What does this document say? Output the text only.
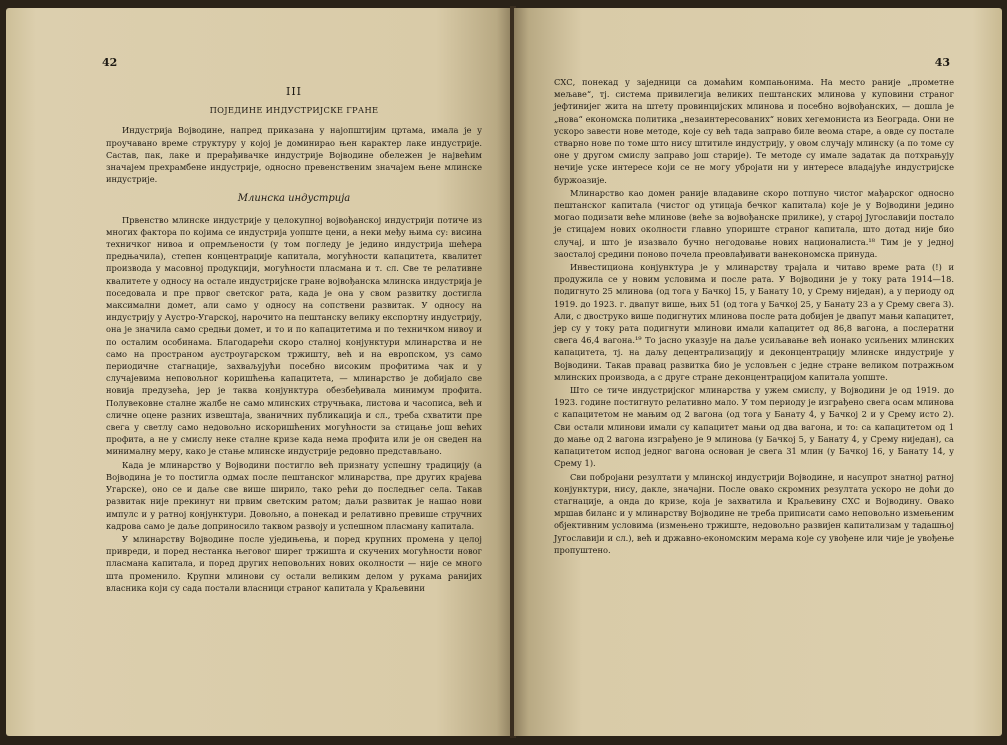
42
III
ПОЈЕДИНЕ ИНДУСТРИЈСКЕ ГРАНЕ

Индустрија Војводине, напред приказана у најопштијим цртама, имала је у проучавано време структуру у којој је доминирао њен карактер лаке индустрије. Састав, пак, лаке и прерађивачке индустрије Војводине обележен је највећим значајем прехрамбене индустрије, односно превенственим значајем њене млинске индустрије.

Млинска индустрија

Првенство млинске индустрије у целокупној војвођанској индустрији потиче из многих фактора по којима се индустрија уопште цени, а неки међу њима су: висина техничког нивоа и опремљености (у том погледу је једино индустрија шећера предњачила), степен концентрације капитала, могућности капацитета, квалитет производа у масовној продукцији, могућности пласмана и т. сл. Све те релативне квалитете у односу на остале индустријске гране војвођанска млинска индустрија је поседовала и пре првог светског рата, када је она у свом развитку достигла максимални домет, али само у односу на сопствени развитак. У односу на индустрију у Аустро-Угарској, нарочито на пештанску велику експортну индустрију, она је значила само средњи домет, и то и по капацитетима и по техничком нивоу и по осталим особинама. Благодарећи скоро сталној конјунктури млинарства и не само на пространом аустроугарском тржишту, већ и на европском, уз само периодичне стагнације, захваљујући посебно високим профитима чак и у случајевима неповољног коришћења капацитета, — млинарство је добијало све новија предузећа, јер је таква конјунктура обезбеђивала минимум профита. Полувековне сталне жалбе не само млинских стручњака, листова и часописа, већ и сличне оцене разних извештаја, званичних публикација и сл., треба схватити пре свега у светлу само недовољно искоришћених могућности за стицање још већих профита, а не у смислу неке сталне кризе када нема профита или је он сведен на минималну меру, како је стање млинске индустрије редовно представљано.

Када је млинарство у Војводини постигло већ признату успешну традицију (а Војводина је то постигла одмах после пештанског млинарства, пре других крајева Угарске), оно се и даље све више ширило, тако рећи до последњег села. Такав развитак није прекинут ни првим светским ратом; даљи развитак је нашао нови импулс и у ратној конјунктури. Довољно, а понекад и релативно превише стручних кадрова само је даље доприносило таквом развоју и успешном пласману капитала.

У млинарству Војводине после уједињења, и поред крупних промена у целој привреди, и поред нестанка његовог ширег тржишта и скучених могућности новог пласмана капитала, и поред других неповољних нових околности — није се много шта променило. Крупни млинови су остали великим делом у рукама ранијих власника који су сада постали власници страног капитала у Краљевини

43

СХС, понекад у заједници са домаћим компањонима. На место ранијe „прометне мељаве“, тј. система привилегија великих пештанских млинова у куповини страног јефтинијег жита на штету провинцијских млинова и посебно војвођанских, — дошла је „нова“ економска политика „незаинтересованих“ нових хегемониста из Београда. Они не ускоро завести нове методе, које су већ тада заправо биле веома старе, а овде су постале стварно нове по томе што нису штитиле индустрију, у овом случају млинску (а по томе су оне у другом смислу заправо још старије). Те методе су имале задатак да потхрањују нечије уске интересе који се не могу убројати ни у интересе владајуће индустријске буржоазије.

Млинарство као домен раније владавине скоро потпуно чистог мађарског односно пештанског капитала (чистог од утицаја бечког капитала) које је у Војводини једино могао подизати веће млинове (веће за војвођанске прилике), у старој Југославији постало је стицајем нових околности главно упориште страног капитала, што дотад није био случај, и што је изазвало бучно негодовање нових националиста.¹⁸ Тим је у једној заосталој средини поново почела преовлађивати ванекономска принуда.

Инвестициона конјунктура је у млинарству трајала и читаво време рата (!) и продужила се у новим условима и после рата. У Војводини је у току рата 1914—18. подигнуто 25 млинова (од тога у Бачкој 15, у Банату 10, у Срему ниједан), а у периоду од 1919. до 1923. г. двапут више, њих 51 (од тога у Бачкој 25, у Банату 23 а у Срему свега 3). Али, с двоструко више подигнутих млинова после рата добијен је двапут мањи капацитет, јер су у току рата подигнути млинови имали капацитет од 86,8 вагона, а послератни свега 46,4 вагона.¹⁹ То јасно указује на даље усиљавање већ ионако усиљених млинских капацитета, тј. на даљу децентрализацију и деконцентрацију млинске индустрије у Војводини. Такав правац развитка био је условљен с једне стране великом потражњом млинских производа, а с друге стране деконцентрацијом капитала уопште.

Што се тиче индустријског млинарства у ужем смислу, у Војводини је од 1919. до 1923. године постигнуто релативно мало. У том периоду је изграђено свега осам млинова с капацитетом не мањим од 2 вагона (од тога у Банату 4, у Бачкој 2 и у Срему исто 2). Сви остали млинови имали су капацитет мањи од два вагона, и то: са капацитетом од 1 до мање од 2 вагона изграђено је 9 млинова (у Бачкој 5, у Банату 4, у Срему ниједан), са капацитетом испод једног вагона основан је свега 31 млин (у Бачкој 16, у Банату 14, у Срему 1).

Сви побројани резултати у млинској индустрији Војводине, и насупрот знатној ратној конјунктури, нису, дакле, значајни. После овако скромних резултата ускоро не доћи до стагнације, а онда до кризе, која је захватила и Краљевину СХС и Војводину. Овако мршав биланс и у млинарству Војводине не треба приписати само неповољно измењеним објективним условима (измењено тржиште, недовољно развијен капитализам у тадашњој Југославији и сл.), већ и државно-економским мерама које су увођене или чије је увођење пропуштено.
